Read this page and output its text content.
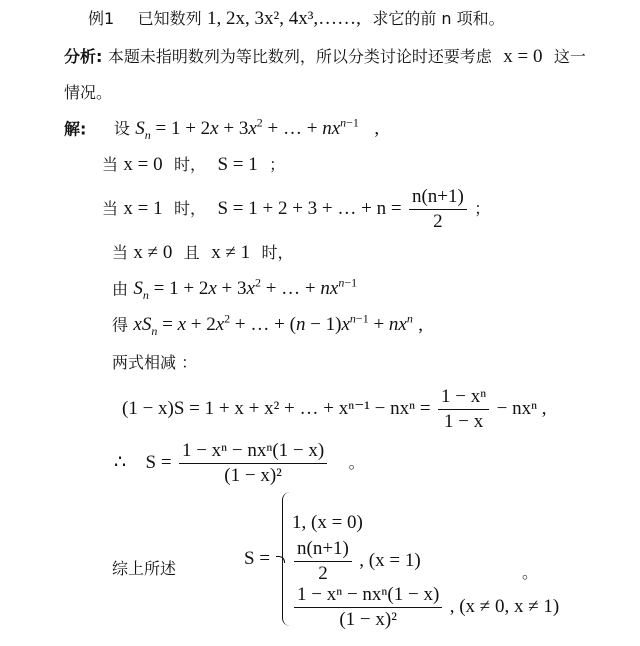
例1 已知数列 1, 2x, 3x², 4x³,……, 求它的前 n 项和。
分析: 本题未指明数列为等比数列，所以分类讨论时还要考虑 x = 0 这一
情况。
解: 设 $S_n = 1 + 2x + 3x^2$ + … + $nx^{n-1}$ ,
当 x = 0 时， S = 1 ；
当 x = 1 时， S = 1 + 2 + 3 + … + $n = \frac{n(n+1)}{2}$ ；
当 x ≠ 0 且 x ≠ 1 时，
由 $S_n = 1 + 2x + 3x^2$ + … + $nx^{n-1}$
得 $xS_n = x + 2x^2$ + … + $(n - 1)x^{n-1} + nx^n$ ,
两式相减 ：
(1 − x)S = 1 + x + x² + … + $x^{n-1} - nx^n = \frac{\text{1 − xⁿ}}{1 - x} - nx^n$ ,
∴ $S = \frac{\text{1 − xⁿ − nxⁿ(1 − x)}}{\text{(1 − x)²}}$ 。
综上所述	S =
1, (x = 0)
$\frac{n(n+1)}{2}$ , (x = 1)
$\frac{\text{1 − xⁿ − nxⁿ(1 − x)}}{\text{(1 − x)²}}$ , (x ≠ 0, x ≠ 1)
。
